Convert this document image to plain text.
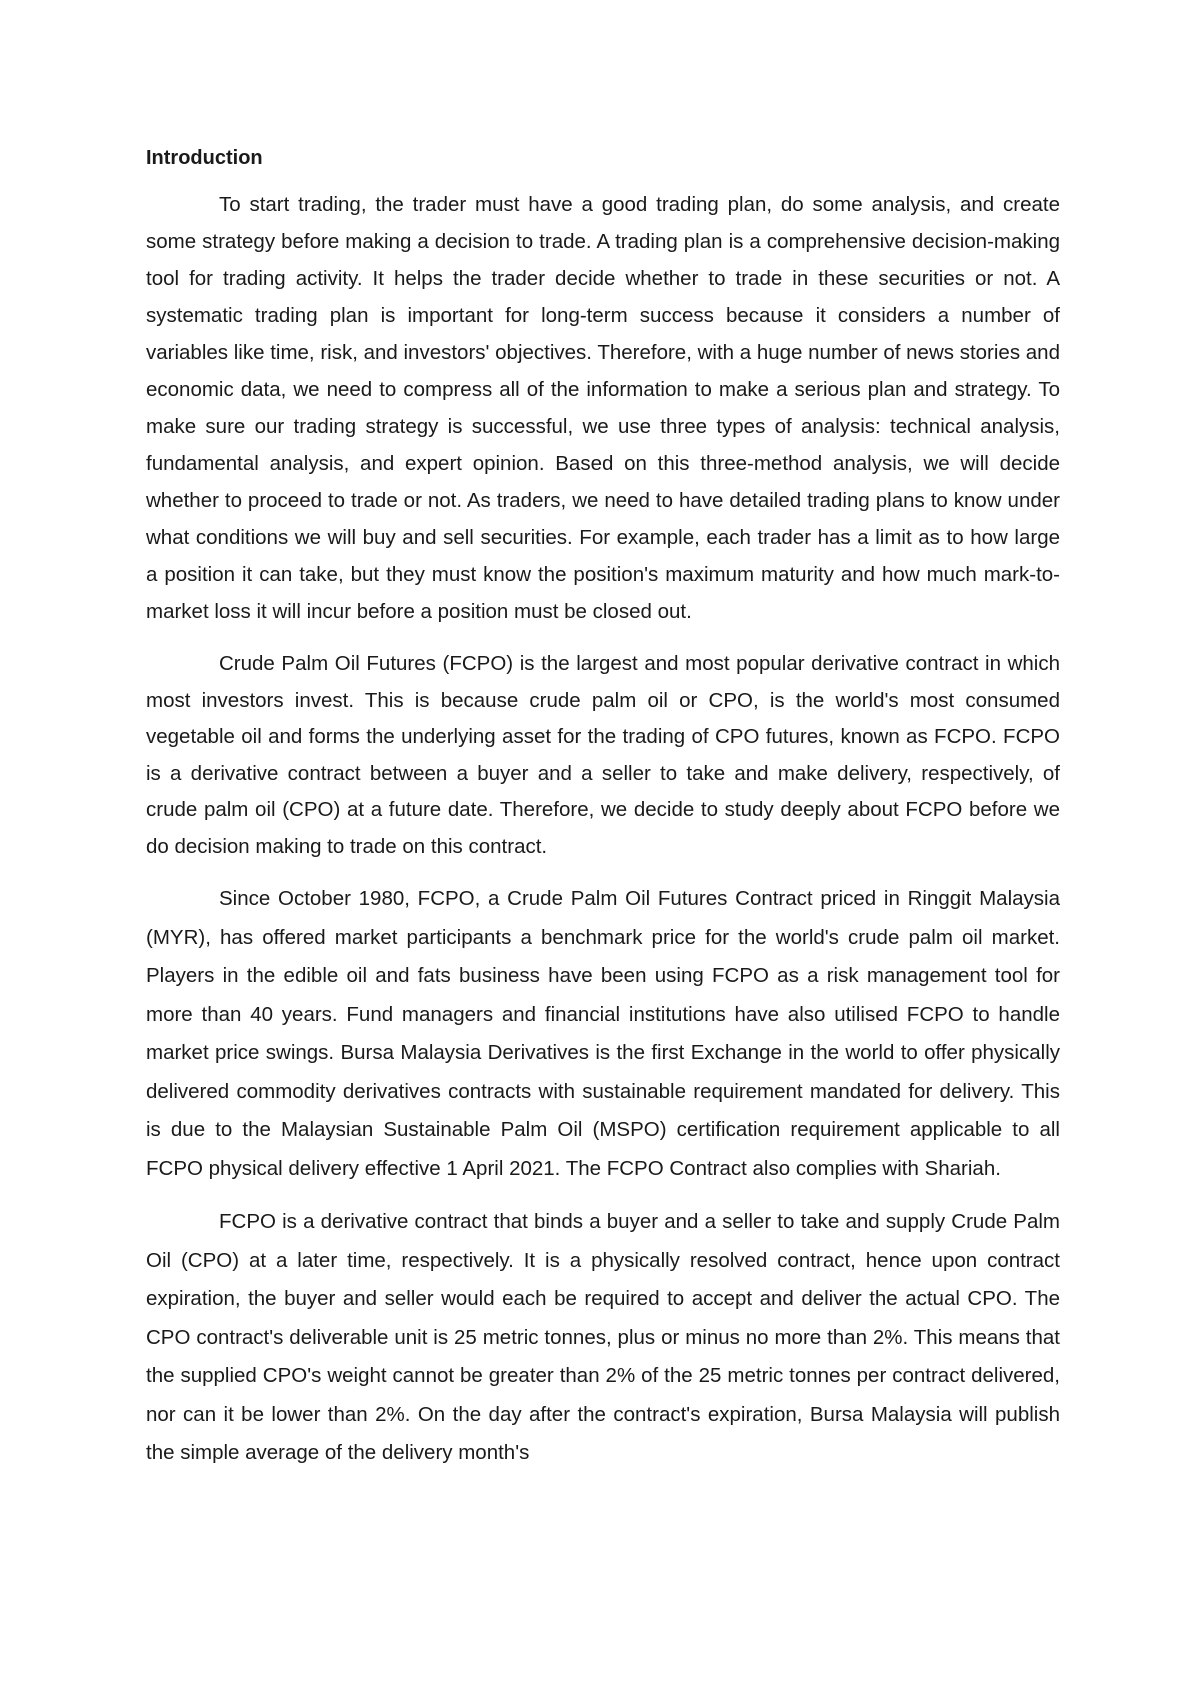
Introduction

To start trading, the trader must have a good trading plan, do some analysis, and create some strategy before making a decision to trade. A trading plan is a comprehensive decision-making tool for trading activity. It helps the trader decide whether to trade in these securities or not. A systematic trading plan is important for long-term success because it considers a number of variables like time, risk, and investors' objectives. Therefore, with a huge number of news stories and economic data, we need to compress all of the information to make a serious plan and strategy. To make sure our trading strategy is successful, we use three types of analysis: technical analysis, fundamental analysis, and expert opinion. Based on this three-method analysis, we will decide whether to proceed to trade or not. As traders, we need to have detailed trading plans to know under what conditions we will buy and sell securities. For example, each trader has a limit as to how large a position it can take, but they must know the position's maximum maturity and how much mark-to-market loss it will incur before a position must be closed out.

Crude Palm Oil Futures (FCPO) is the largest and most popular derivative contract in which most investors invest. This is because crude palm oil or CPO, is the world's most consumed vegetable oil and forms the underlying asset for the trading of CPO futures, known as FCPO. FCPO is a derivative contract between a buyer and a seller to take and make delivery, respectively, of crude palm oil (CPO) at a future date. Therefore, we decide to study deeply about FCPO before we do decision making to trade on this contract.

Since October 1980, FCPO, a Crude Palm Oil Futures Contract priced in Ringgit Malaysia (MYR), has offered market participants a benchmark price for the world's crude palm oil market. Players in the edible oil and fats business have been using FCPO as a risk management tool for more than 40 years. Fund managers and financial institutions have also utilised FCPO to handle market price swings. Bursa Malaysia Derivatives is the first Exchange in the world to offer physically delivered commodity derivatives contracts with sustainable requirement mandated for delivery. This is due to the Malaysian Sustainable Palm Oil (MSPO) certification requirement applicable to all FCPO physical delivery effective 1 April 2021. The FCPO Contract also complies with Shariah.

FCPO is a derivative contract that binds a buyer and a seller to take and supply Crude Palm Oil (CPO) at a later time, respectively. It is a physically resolved contract, hence upon contract expiration, the buyer and seller would each be required to accept and deliver the actual CPO. The CPO contract's deliverable unit is 25 metric tonnes, plus or minus no more than 2%. This means that the supplied CPO's weight cannot be greater than 2% of the 25 metric tonnes per contract delivered, nor can it be lower than 2%. On the day after the contract's expiration, Bursa Malaysia will publish the simple average of the delivery month's
